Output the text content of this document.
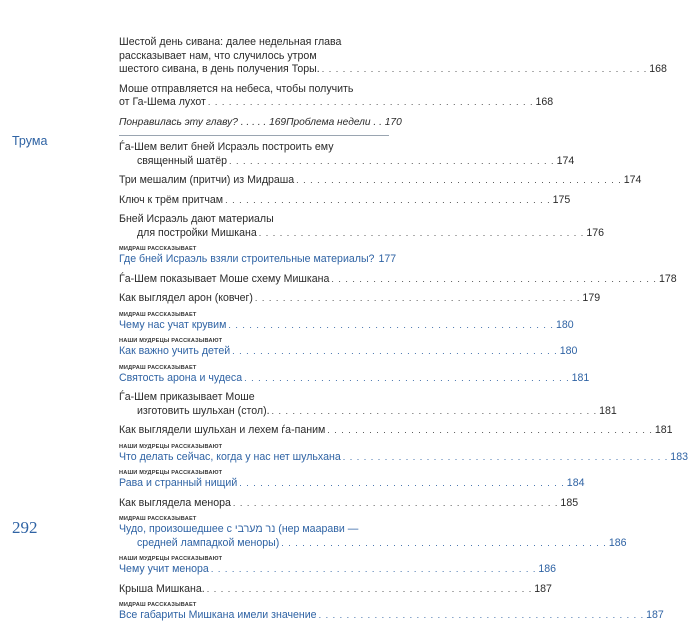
Трума
Шестой день сивана: далее недельная глава
рассказывает нам, что случилось утром
шестого сивана, в день получения Торы. . . . . . . . . . . . . . . . . . . . . . . . . . . . . . . . . . . . . . . . . . . . . . . . 168
Моше отправляется на небеса, чтобы получить
от Га-Шема лухот . . . . . . . . . . . . . . . . . . . . . . . . . . . . . . . . . . . . . . . . . . . . . . . 168
Понравилась эту главу? . . . . . 169 Проблема недели . . 170
Ѓа-Шем велит бней Исраэль построить ему
священный шатёр . . . . . . . . . . . . . . . . . . . . . . . . . . . . . . . . . . . . . . . . . . . . . . . 174
Три мешалим (притчи) из Мидраша . . . . . . . . . . . . . . . . . . . . . . . . . . . . . . . . . . . . . . . . . . . . . . . 174
Ключ к трём притчам . . . . . . . . . . . . . . . . . . . . . . . . . . . . . . . . . . . . . . . . . . . . . . . 175
Бней Исраэль дают материалы
для постройки Мишкана . . . . . . . . . . . . . . . . . . . . . . . . . . . . . . . . . . . . . . . . . . . . . . . 176
МИДРАШ РАССКАЗЫВАЕТ
Где бней Исраэль взяли строительные материалы? 177
Ѓа-Шем показывает Моше схему Мишкана . . . . . . . . . . . . . . . . . . . . . . . . . . . . . . . . . . . . . . . . . . . . . . . 178
Как выглядел арон (ковчег) . . . . . . . . . . . . . . . . . . . . . . . . . . . . . . . . . . . . . . . . . . . . . . . 179
МИДРАШ РАССКАЗЫВАЕТ
Чему нас учат крувим . . . . . . . . . . . . . . . . . . . . . . . . . . . . . . . . . . . . . . . . . . . . . . . 180
НАШИ МУДРЕЦЫ РАССКАЗЫВАЮТ
Как важно учить детей . . . . . . . . . . . . . . . . . . . . . . . . . . . . . . . . . . . . . . . . . . . . . . . 180
МИДРАШ РАССКАЗЫВАЕТ
Святость арона и чудеса . . . . . . . . . . . . . . . . . . . . . . . . . . . . . . . . . . . . . . . . . . . . . . . 181
Ѓа-Шем приказывает Моше
изготовить шульхан (стол). . . . . . . . . . . . . . . . . . . . . . . . . . . . . . . . . . . . . . . . . . . . . . . . 181
Как выглядели шульхан и лехем ѓа-паним . . . . . . . . . . . . . . . . . . . . . . . . . . . . . . . . . . . . . . . . . . . . . . . 181
НАШИ МУДРЕЦЫ РАССКАЗЫВАЮТ
Что делать сейчас, когда у нас нет шульхана . . . . . . . . . . . . . . . . . . . . . . . . . . . . . . . . . . . . . . . . . . . . . . . 183
НАШИ МУДРЕЦЫ РАССКАЗЫВАЮТ
Рава и странный нищий . . . . . . . . . . . . . . . . . . . . . . . . . . . . . . . . . . . . . . . . . . . . . . . 184
Как выглядела менора . . . . . . . . . . . . . . . . . . . . . . . . . . . . . . . . . . . . . . . . . . . . . . . 185
МИДРАШ РАССКАЗЫВАЕТ
Чудо, произошедшее с נר מערבי (нер маарави —
средней лампадкой меноры) . . . . . . . . . . . . . . . . . . . . . . . . . . . . . . . . . . . . . . . . . . . . . . . 186
НАШИ МУДРЕЦЫ РАССКАЗЫВАЮТ
Чему учит менора . . . . . . . . . . . . . . . . . . . . . . . . . . . . . . . . . . . . . . . . . . . . . . . 186
Крыша Мишкана. . . . . . . . . . . . . . . . . . . . . . . . . . . . . . . . . . . . . . . . . . . . . . . . 187
МИДРАШ РАССКАЗЫВАЕТ
Все габариты Мишкана имели значение . . . . . . . . . . . . . . . . . . . . . . . . . . . . . . . . . . . . . . . . . . . . . . . 187
292
